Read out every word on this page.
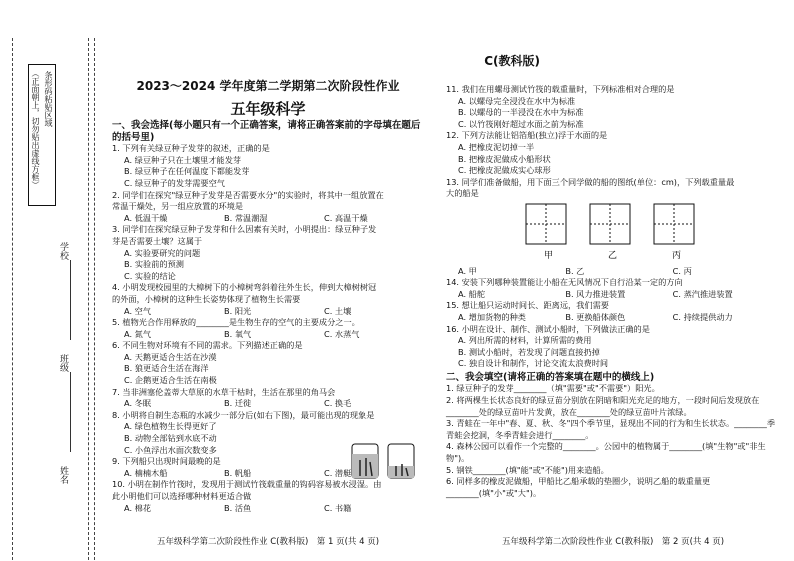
条形码粘贴区域
（正面朝上，切勿贴出虚线方框）
学校
班级
姓名
C(教科版)
2023～2024 学年度第二学期第二次阶段性作业
五年级科学

一、我会选择(每小题只有一个正确答案，请将正确答案前的字母填在题后的括号里)

1. 下列有关绿豆种子发芽的叙述，正确的是

A. 绿豆种子只在土壤里才能发芽

B. 绿豆种子在任何温度下都能发芽

C. 绿豆种子的发芽需要空气

2. 同学们在探究"绿豆种子发芽是否需要水分"的实验时，将其中一组放置在常温干燥处，另一组应放置的环境是

A. 低温干燥	B. 常温潮湿	C. 高温干燥

3. 同学们在探究绿豆种子发芽和什么因素有关时，小明提出：绿豆种子发芽是否需要土壤？这属于

A. 实验要研究的问题

B. 实验前的预测

C. 实验的结论

4. 小明发现校园里的大樟树下的小樟树弯斜着往外生长，伸到大樟树树冠的外面，小樟树的这种生长姿势体现了植物生长需要

A. 空气	B. 阳光	C. 土壤

5. 植物光合作用释放的________是生物生存的空气的主要成分之一。

A. 氮气	B. 氧气	C. 水蒸气

6. 不同生物对环境有不同的需求。下列描述正确的是

A. 天鹅更适合生活在沙漠

B. 狼更适合生活在海洋

C. 企鹅更适合生活在南极

7. 当非洲塞伦盖蒂大草原的水草干枯时，生活在那里的角马会

A. 冬眠	B. 迁徙	C. 换毛

8. 小明将自制生态瓶的水减少一部分后(如右下图)，最可能出现的现象是

A. 绿色植物生长得更好了

B. 动物全部钻到水底不动

C. 小鱼浮出水面次数变多

9. 下列船只出现时间最晚的是

A. 楠楠木船	B. 帆船	C. 潜艇

10. 小明在制作竹筏时，发现用于测试竹筏载重量的钩码容易被水浸湿。由此小明他们可以选择哪种材料更适合做

A. 棉花	B. 活鱼	C. 书籍
五年级科学第二次阶段性作业 C(教科版)　第 1 页(共 4 页)

11. 我们在用螺母测试竹筏的载重量时，下列标准相对合理的是

A. 以螺母完全浸没在水中为标准

B. 以螺母的一半浸没在水中为标准

C. 以竹筏刚好超过水面之前为标准

12. 下列方法能让铝箔船(独立)浮于水面的是

A. 把橡皮泥切掉一半

B. 把橡皮泥做成小船形状

C. 把橡皮泥做成实心球形

13. 同学们准备做船，用下面三个同学做的船的图纸(单位：cm)，下列载重量最大的船是

甲	乙	丙
A. 甲	B. 乙	C. 丙

14. 安装下列哪种装置能让小船在无风情况下自行沿某一定的方向

A. 船舵	B. 风力推进装置	C. 蒸汽推进装置

15. 想让船只运动时间长、距离远，我们需要

A. 增加货物的种类	B. 更换船体颜色	C. 持续提供动力

16. 小明在设计、制作、测试小船时，下列做法正确的是

A. 列出所需的材料，计算所需的费用

B. 测试小船时，若发现了问题直接扔掉

C. 独自设计和制作，讨论交流太浪费时间

二、我会填空(请将正确的答案填在题中的横线上)

1. 绿豆种子的发芽________（填"需要"或"不需要"）阳光。

2. 将两棵生长状态良好的绿豆苗分别放在阴暗和阳光充足的地方，一段时间后发现放在________处的绿豆苗叶片发黄，放在________处的绿豆苗叶片浓绿。

3. 青蛙在一年中"春、夏、秋、冬"四个季节里，显现出不同的行为和生长状态。________季青蛙会挖洞，冬季青蛙会进行________。

4. 森林公园可以看作一个完整的________。公园中的植物属于________(填"生物"或"非生物")。

5. 钢铁________(填"能"或"不能")用来造船。

6. 同样多的橡皮泥做船，甲船比乙船承载的垫圈少，说明乙船的载重量更________(填"小"或"大")。

五年级科学第二次阶段性作业 C(教科版)　第 2 页(共 4 页)
